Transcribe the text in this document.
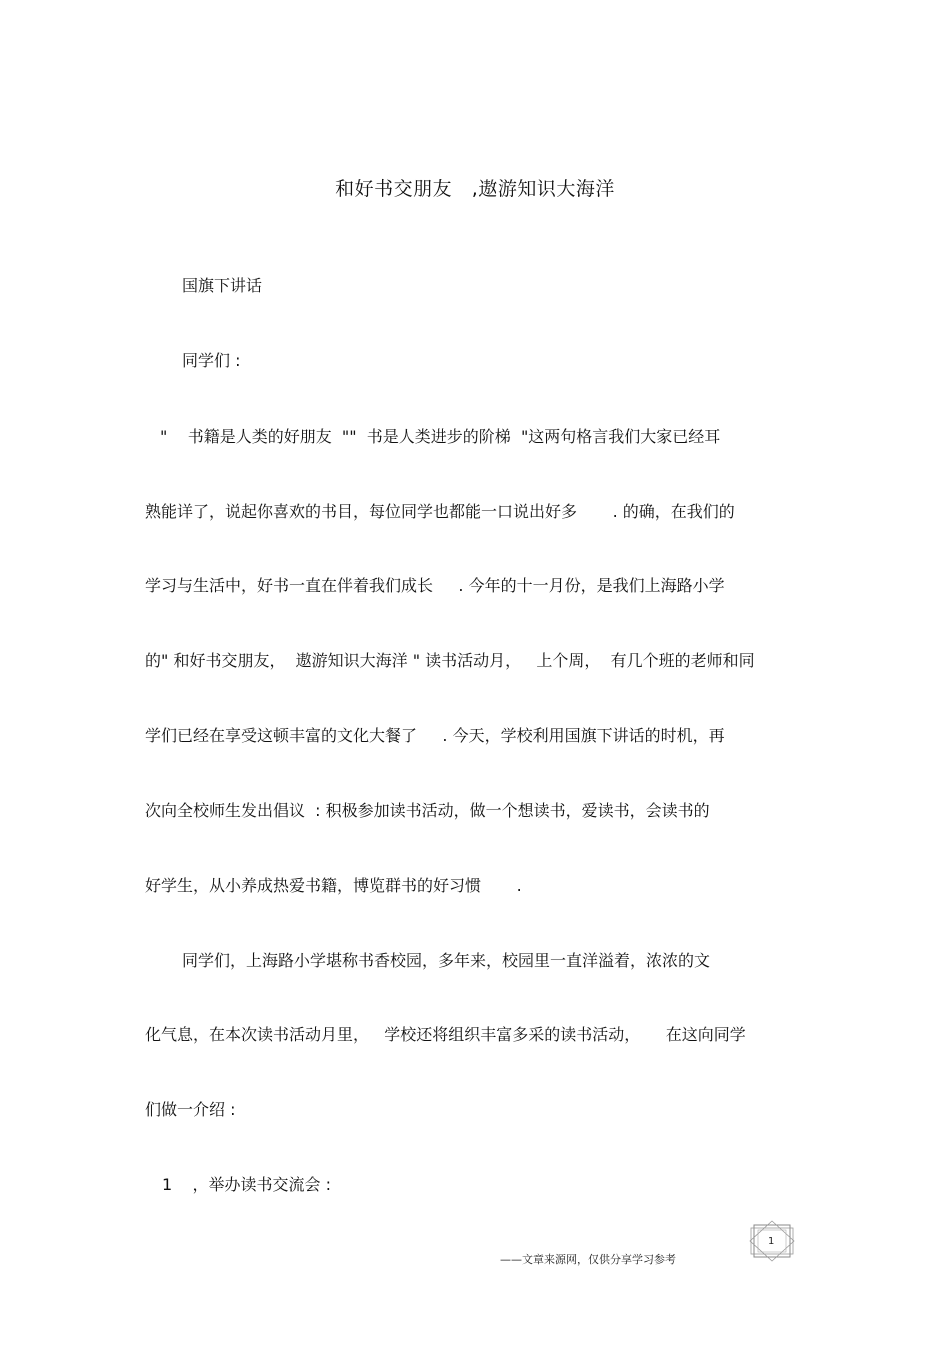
和好书交朋友   ,遨游知识大海洋
国旗下讲话
同学们 :
"    书籍是人类的好朋友  ""  书是人类进步的阶梯  "这两句格言我们大家已经耳
熟能详了，说起你喜欢的书目，每位同学也都能一口说出好多       . 的确，在我们的
学习与生活中，好书一直在伴着我们成长     . 今年的十一月份，是我们上海路小学
的" 和好书交朋友，  遨游知识大海洋 " 读书活动月，   上个周，  有几个班的老师和同
学们已经在享受这顿丰富的文化大餐了     . 今天，学校利用国旗下讲话的时机，再
次向全校师生发出倡议  : 积极参加读书活动，做一个想读书，爱读书，会读书的
好学生，从小养成热爱书籍，博览群书的好习惯       .
同学们，上海路小学堪称书香校园，多年来，校园里一直洋溢着，浓浓的文
化气息，在本次读书活动月里，   学校还将组织丰富多采的读书活动，     在这向同学
们做一介绍 :
1    ，举办读书交流会 :
——文章来源网，仅供分享学习参考
1
